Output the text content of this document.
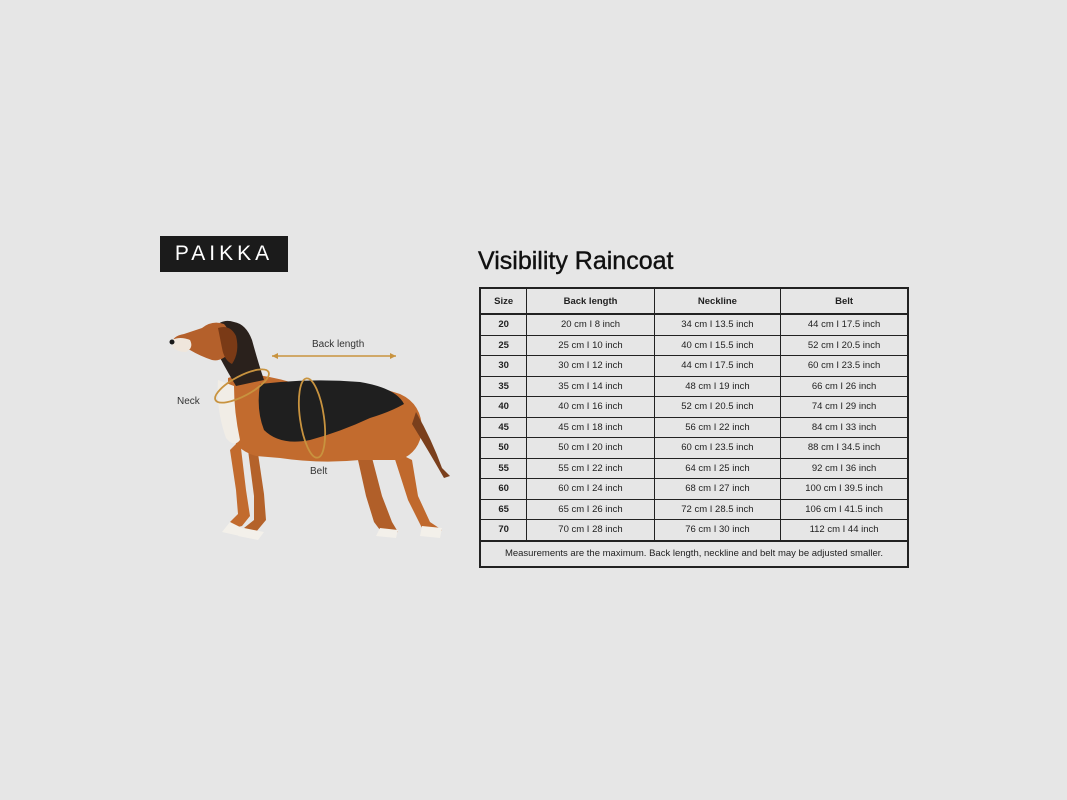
PAIKKA
Back length
Neck
Belt
Visibility Raincoat
Size	Back length	Neckline	Belt
20	20 cm I 8 inch	34 cm I 13.5 inch	44 cm I 17.5 inch
25	25 cm I 10 inch	40 cm I 15.5 inch	52 cm I 20.5 inch
30	30 cm I 12 inch	44 cm I 17.5 inch	60 cm I 23.5 inch
35	35 cm I 14 inch	48 cm I 19 inch	66 cm I 26 inch
40	40 cm I 16 inch	52 cm I 20.5 inch	74 cm I 29 inch
45	45 cm I 18 inch	56 cm I 22 inch	84 cm I 33 inch
50	50 cm I 20 inch	60 cm I 23.5 inch	88 cm I 34.5 inch
55	55 cm I 22 inch	64 cm I 25 inch	92 cm I 36 inch
60	60 cm I 24 inch	68 cm I 27 inch	100 cm I 39.5 inch
65	65 cm I 26 inch	72 cm I 28.5 inch	106 cm I 41.5 inch
70	70 cm I 28 inch	76 cm I 30 inch	112 cm I 44 inch
Measurements are the maximum. Back length, neckline and belt may be adjusted smaller.			
